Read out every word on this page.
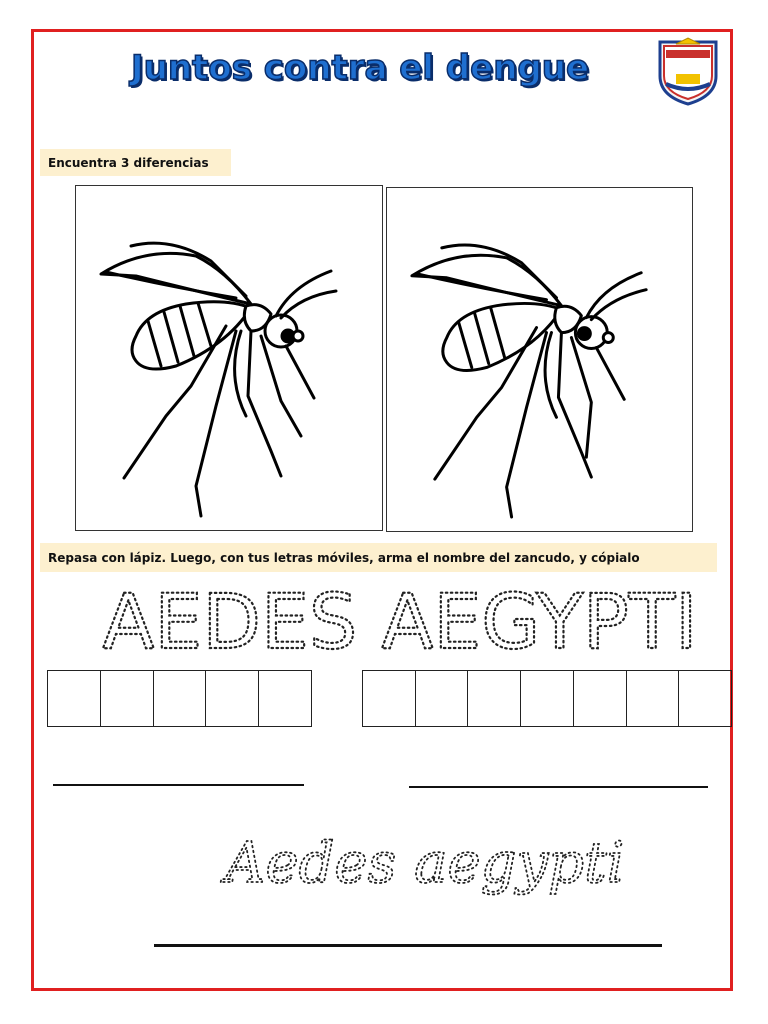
Juntos contra el dengue
Encuentra 3 diferencias
Repasa con lápiz. Luego, con tus letras móviles, arma el nombre del zancudo, y cópialo
AEDES AEGYPTI
Aedes aegypti
